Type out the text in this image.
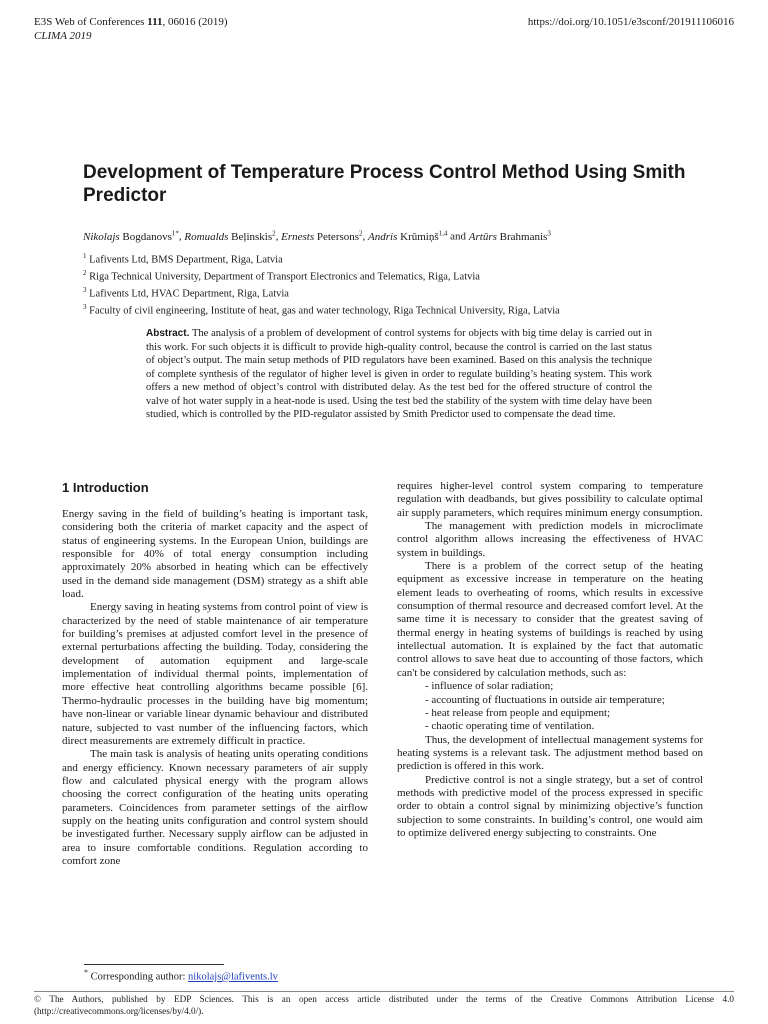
E3S Web of Conferences 111, 06016 (2019)
CLIMA 2019
https://doi.org/10.1051/e3sconf/201911106016
Development of Temperature Process Control Method Using Smith Predictor
Nikolajs Bogdanovs$^{1*}$, Romualds Beļinskis$^2$, Ernests Petersons$^2$, Andris Krūmiņš$^{1,4}$ and Artūrs Brahmanis$^3$
$^1$ Lafivents Ltd, BMS Department, Riga, Latvia
$^2$ Riga Technical University, Department of Transport Electronics and Telematics, Riga, Latvia
$^3$ Lafivents Ltd, HVAC Department, Riga, Latvia
$^3$ Faculty of civil engineering, Institute of heat, gas and water technology, Riga Technical University, Riga, Latvia
Abstract. The analysis of a problem of development of control systems for objects with big time delay is carried out in this work. For such objects it is difficult to provide high-quality control, because the control is carried on the last status of object’s output. The main setup methods of PID regulators have been examined. Based on this analysis the technique of complete synthesis of the regulator of higher level is given in order to regulate building’s heating system. This work offers a new method of object’s control with distributed delay. As the test bed for the offered structure of control the valve of hot water supply in a heat-node is used. Using the test bed the stability of the system with time delay have been studied, which is controlled by the PID-regulator assisted by Smith Predictor used to compensate the dead time.
1 Introduction

Energy saving in the field of building’s heating is important task, considering both the criteria of market capacity and the aspect of status of engineering systems. In the European Union, buildings are responsible for 40% of total energy consumption including approximately 20% absorbed in heating which can be effectively used in the demand side management (DSM) strategy as a shift able load.

Energy saving in heating systems from control point of view is characterized by the need of stable maintenance of air temperature for building’s premises at adjusted comfort level in the presence of external perturbations affecting the building. Today, considering the development of automation equipment and large-scale implementation of individual thermal points, implementation of more effective heat controlling algorithms became possible [6]. Thermo-hydraulic processes in the building have big momentum; have non-linear or variable linear dynamic behaviour and distributed nature, subjected to vast number of the influencing factors, which direct measurements are extremely difficult in practice.

The main task is analysis of heating units operating conditions and energy efficiency. Known necessary parameters of air supply flow and calculated physical energy with the program allows choosing the correct configuration of the heating units operating parameters. Coincidences from parameter settings of the airflow supply on the heating units configuration and control system should be investigated further. Necessary supply airflow can be adjusted in area to insure comfortable conditions. Regulation according to comfort zone

requires higher-level control system comparing to temperature regulation with deadbands, but gives possibility to calculate optimal air supply parameters, which requires minimum energy consumption.

The management with prediction models in microclimate control algorithm allows increasing the effectiveness of HVAC system in buildings.

There is a problem of the correct setup of the heating equipment as excessive increase in temperature on the heating element leads to overheating of rooms, which results in excessive consumption of thermal resource and decreased comfort level. At the same time it is necessary to consider that the greatest saving of thermal energy in heating systems of buildings is reached by using intellectual automation. It is explained by the fact that automatic control allows to save heat due to accounting of those factors, which can't be considered by calculation methods, such as:

- influence of solar radiation;

- accounting of fluctuations in outside air temperature;

- heat release from people and equipment;

- chaotic operating time of ventilation.

Thus, the development of intellectual management systems for heating systems is a relevant task. The adjustment method based on prediction is offered in this work.

Predictive control is not a single strategy, but a set of control methods with predictive model of the process expressed in specific order to obtain a control signal by minimizing objective’s function subjection to some constraints. In building’s control, one would aim to optimize delivered energy subjecting to constraints. One

* Corresponding author: nikolajs@lafivents.lv
© The Authors, published by EDP Sciences. This is an open access article distributed under the terms of the Creative Commons Attribution License 4.0 (http://creativecommons.org/licenses/by/4.0/).
